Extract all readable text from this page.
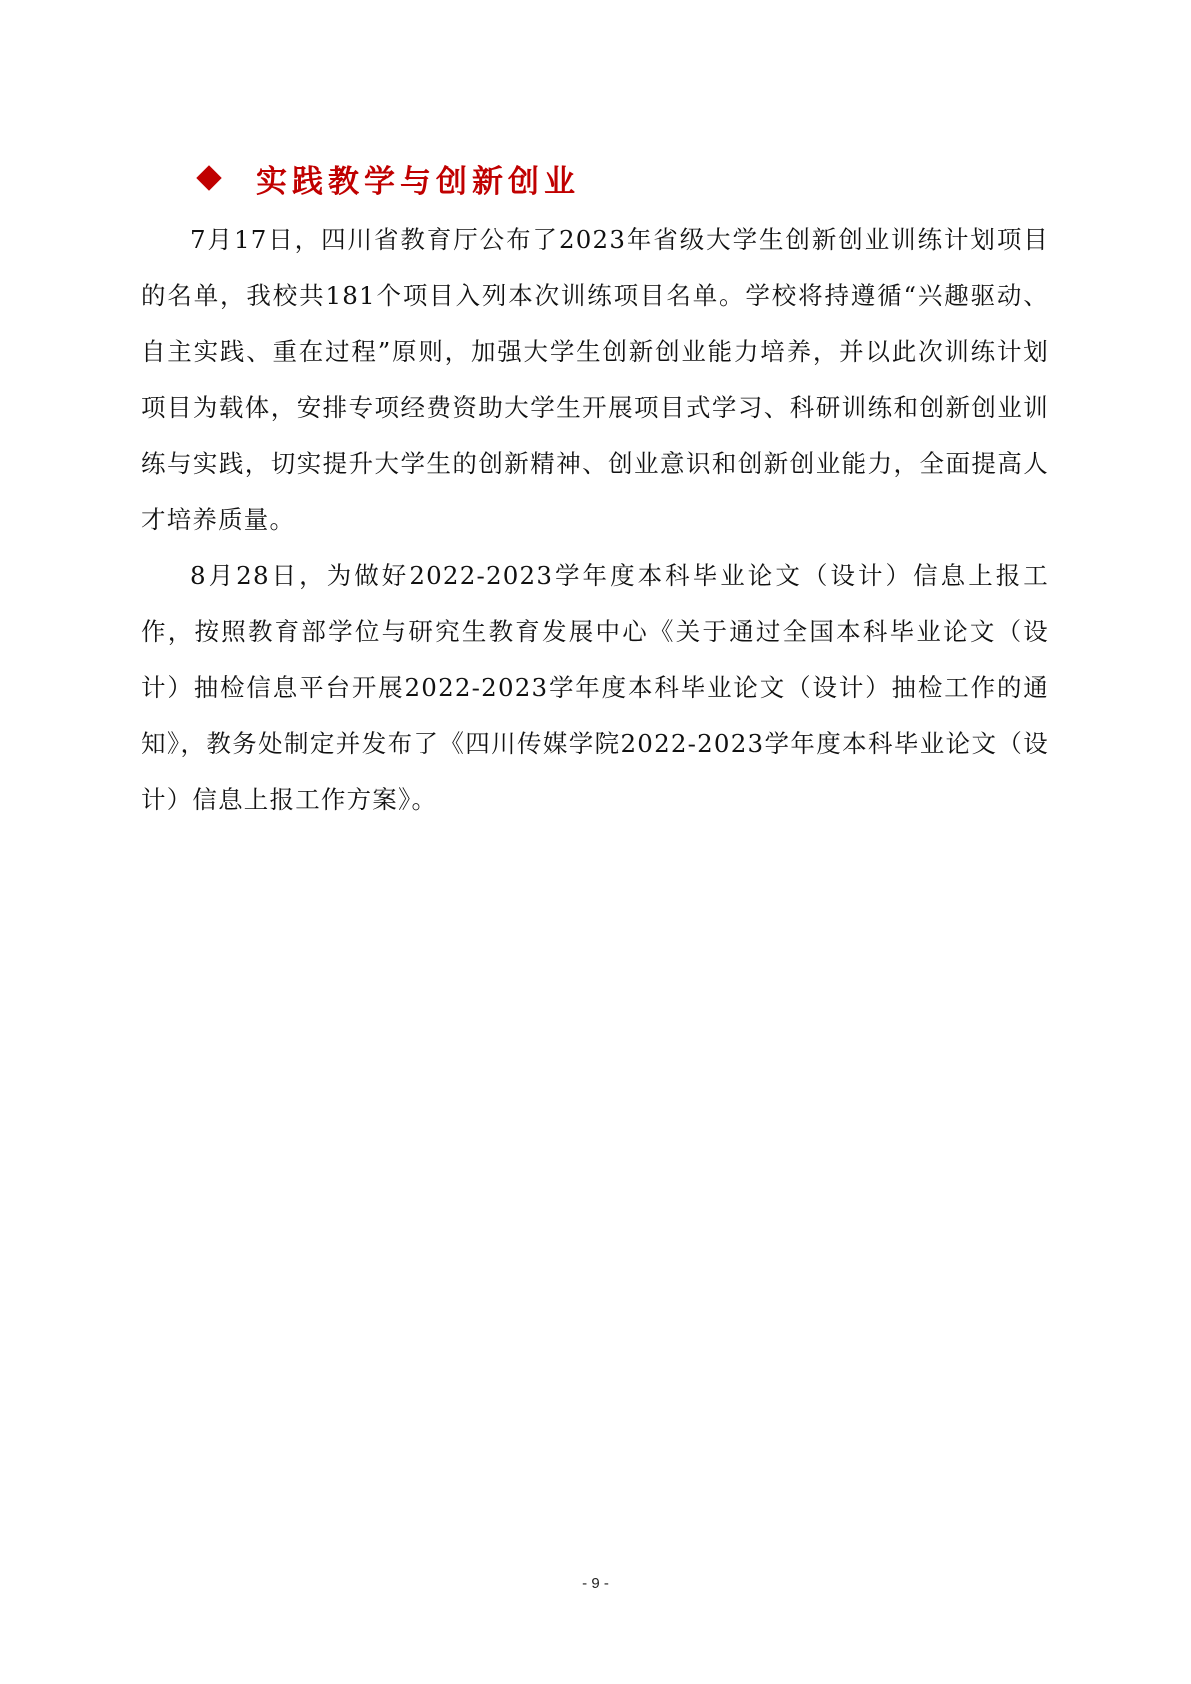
实践教学与创新创业

7月17日，四川省教育厅公布了2023年省级大学生创新创业训练计划项目的名单，我校共181个项目入列本次训练项目名单。学校将持遵循“兴趣驱动、自主实践、重在过程”原则，加强大学生创新创业能力培养，并以此次训练计划项目为载体，安排专项经费资助大学生开展项目式学习、科研训练和创新创业训练与实践，切实提升大学生的创新精神、创业意识和创新创业能力，全面提高人才培养质量。

8月28日，为做好2022-2023学年度本科毕业论文（设计）信息上报工作，按照教育部学位与研究生教育发展中心《关于通过全国本科毕业论文（设计）抽检信息平台开展2022-2023学年度本科毕业论文（设计）抽检工作的通知》，教务处制定并发布了《四川传媒学院2022-2023学年度本科毕业论文（设计）信息上报工作方案》。

- 9 -
